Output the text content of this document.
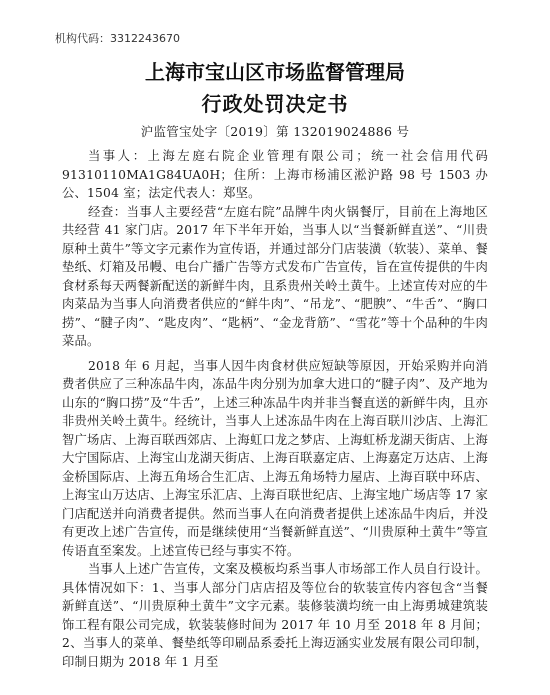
机构代码：3312243670
上海市宝山区市场监督管理局
行政处罚决定书
沪监管宝处字〔2019〕第 132019024886 号

当事人：上海左庭右院企业管理有限公司；统一社会信用代码91310110MA1G84UA0H；住所：上海市杨浦区淞沪路 98 号 1503 办公、1504 室；法定代表人：郑坚。

经查：当事人主要经营“左庭右院”品牌牛肉火锅餐厅，目前在上海地区共经营 41 家门店。2017 年下半年开始，当事人以“当餐新鲜直送”、“川贵原种土黄牛”等文字元素作为宣传语，并通过部分门店装潢（软装）、菜单、餐垫纸、灯箱及吊幔、电台广播广告等方式发布广告宣传，旨在宣传提供的牛肉食材系每天两餐新配送的新鲜牛肉，且系贵州关岭土黄牛。上述宣传对应的牛肉菜品为当事人向消费者供应的“鲜牛肉”、“吊龙”、“肥腴”、“牛舌”、“胸口捞”、“腱子肉”、“匙皮肉”、“匙柄”、“金龙背筋”、“雪花”等十个品种的牛肉菜品。

2018 年 6 月起，当事人因牛肉食材供应短缺等原因，开始采购并向消费者供应了三种冻品牛肉，冻品牛肉分别为加拿大进口的“腱子肉”、及产地为山东的“胸口捞”及“牛舌”，上述三种冻品牛肉并非当餐直送的新鲜牛肉，且亦非贵州关岭土黄牛。经统计，当事人上述冻品牛肉在上海百联川沙店、上海汇智广场店、上海百联西郊店、上海虹口龙之梦店、上海虹桥龙湖天街店、上海大宁国际店、上海宝山龙湖天街店、上海百联嘉定店、上海嘉定万达店、上海金桥国际店、上海五角场合生汇店、上海五角场特力屋店、上海百联中环店、上海宝山万达店、上海宝乐汇店、上海百联世纪店、上海宝地广场店等 17 家门店配送并向消费者提供。然而当事人在向消费者提供上述冻品牛肉后，并没有更改上述广告宣传，而是继续使用“当餐新鲜直送”、“川贵原种土黄牛”等宣传语直至案发。上述宣传已经与事实不符。

当事人上述广告宣传，文案及模板均系当事人市场部工作人员自行设计。具体情况如下：1、当事人部分门店店招及等位台的软装宣传内容包含“当餐新鲜直送”、“川贵原种土黄牛”文字元素。装修装潢均统一由上海勇城建筑装饰工程有限公司完成，软装装修时间为 2017 年 10 月至 2018 年 8 月间；2、当事人的菜单、餐垫纸等印刷品系委托上海迈涵实业发展有限公司印制，印制日期为 2018 年 1 月至
